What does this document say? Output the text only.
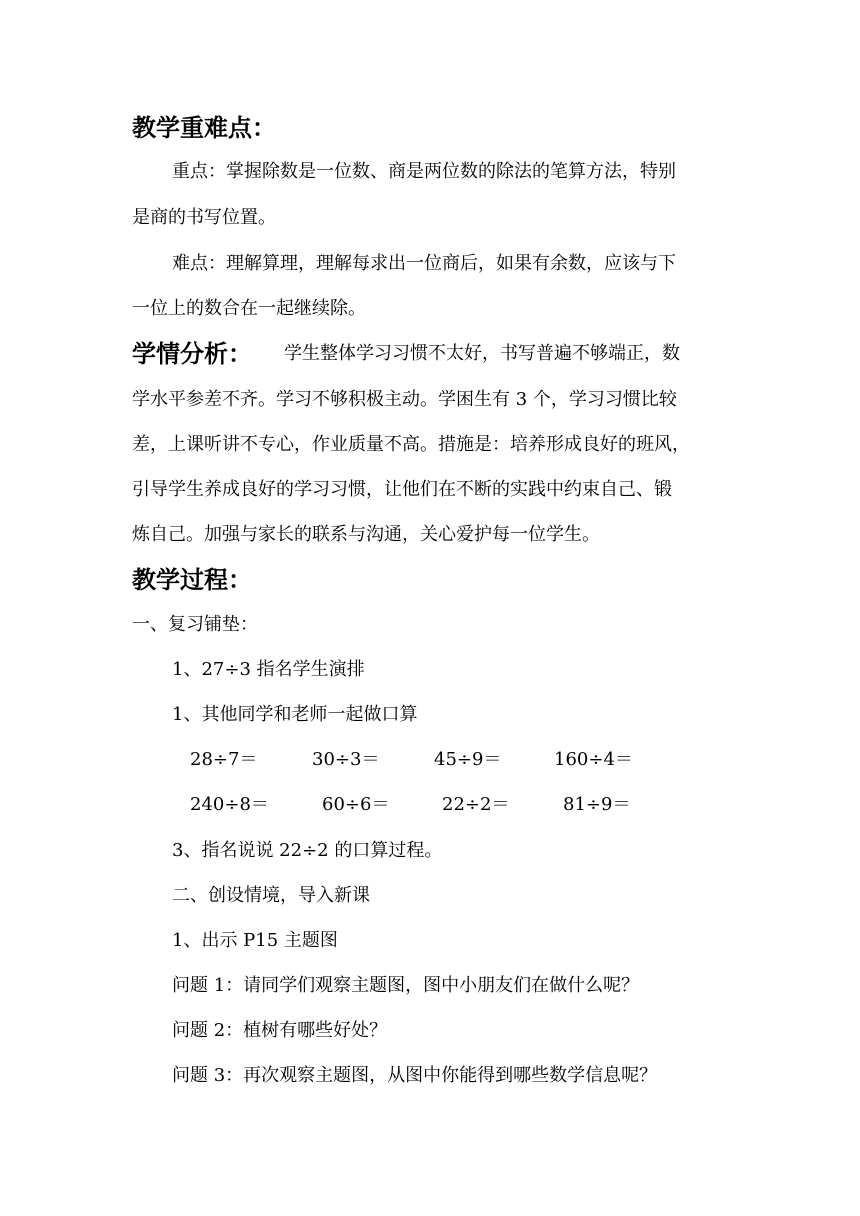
教学重难点：
重点：掌握除数是一位数、商是两位数的除法的笔算方法，特别
是商的书写位置。
难点：理解算理，理解每求出一位商后，如果有余数，应该与下
一位上的数合在一起继续除。
学情分析： 学生整体学习习惯不太好，书写普遍不够端正，数
学水平参差不齐。学习不够积极主动。学困生有 3 个，学习习惯比较
差，上课听讲不专心，作业质量不高。措施是：培养形成良好的班风，
引导学生养成良好的学习习惯，让他们在不断的实践中约束自己、锻
炼自己。加强与家长的联系与沟通，关心爱护每一位学生。
教学过程：
一、复习铺垫：
1、27÷3 指名学生演排
1、其他同学和老师一起做口算
28÷7＝	30÷3＝	45÷9＝	160÷4＝
240÷8＝	60÷6＝	22÷2＝	81÷9＝
3、指名说说 22÷2 的口算过程。
二、创设情境，导入新课
1、出示 P15 主题图
问题 1：请同学们观察主题图，图中小朋友们在做什么呢？
问题 2：植树有哪些好处？
问题 3：再次观察主题图，从图中你能得到哪些数学信息呢？
